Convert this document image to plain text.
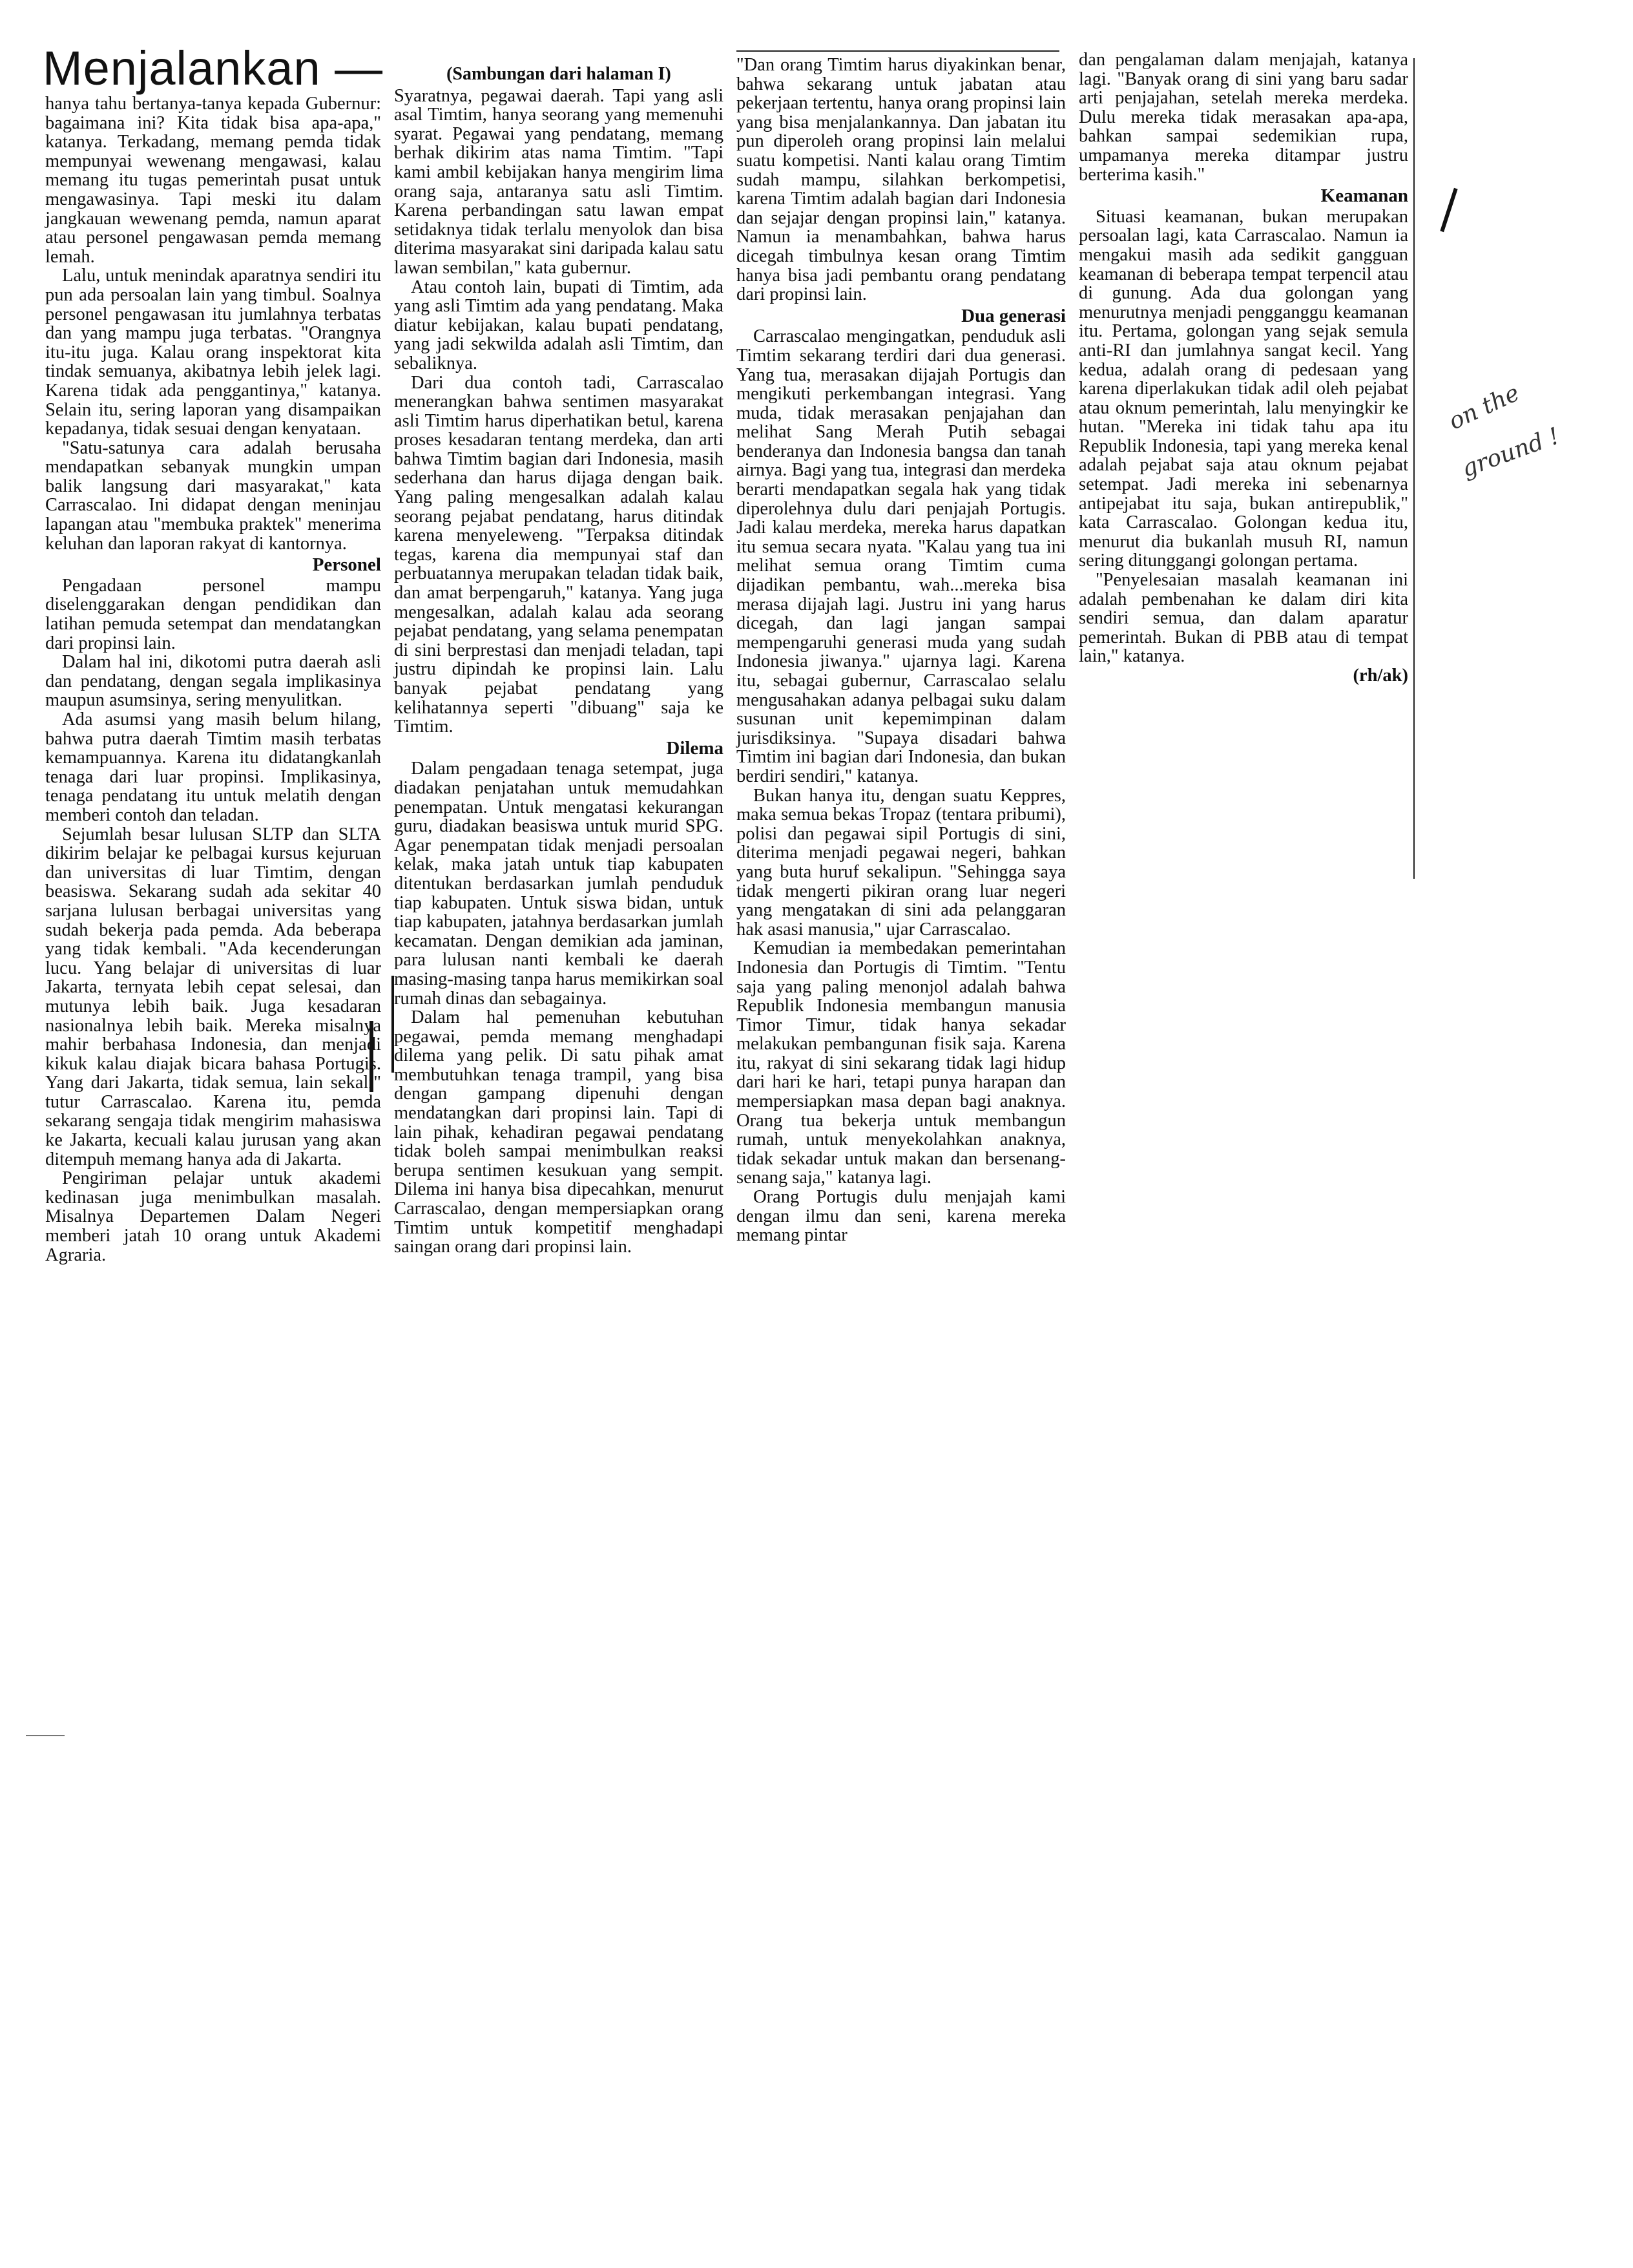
Menjalankan —

hanya tahu bertanya-tanya kepada Gubernur: bagaimana ini? Kita tidak bisa apa-apa," katanya. Terkadang, memang pemda tidak mempunyai wewenang mengawasi, kalau memang itu tugas pemerintah pusat untuk mengawasinya. Tapi meski itu dalam jangkauan wewenang pemda, namun aparat atau personel pengawasan pemda memang lemah.

Lalu, untuk menindak aparatnya sendiri itu pun ada persoalan lain yang timbul. Soalnya personel pengawasan itu jumlahnya terbatas dan yang mampu juga terbatas. "Orangnya itu-itu juga. Kalau orang inspektorat kita tindak semuanya, akibatnya lebih jelek lagi. Karena tidak ada penggantinya," katanya. Selain itu, sering laporan yang disampaikan kepadanya, tidak sesuai dengan kenyataan.

"Satu-satunya cara adalah berusaha mendapatkan sebanyak mungkin umpan balik langsung dari masyarakat," kata Carrascalao. Ini didapat dengan meninjau lapangan atau "membuka praktek" menerima keluhan dan laporan rakyat di kantornya.

Personel

Pengadaan personel mampu diselenggarakan dengan pendidikan dan latihan pemuda setempat dan mendatangkan dari propinsi lain.

Dalam hal ini, dikotomi putra daerah asli dan pendatang, dengan segala implikasinya maupun asumsinya, sering menyulitkan.

Ada asumsi yang masih belum hilang, bahwa putra daerah Timtim masih terbatas kemampuannya. Karena itu didatangkanlah tenaga dari luar propinsi. Implikasinya, tenaga pendatang itu untuk melatih dengan memberi contoh dan teladan.

Sejumlah besar lulusan SLTP dan SLTA dikirim belajar ke pelbagai kursus kejuruan dan universitas di luar Timtim, dengan beasiswa. Sekarang sudah ada sekitar 40 sarjana lulusan berbagai universitas yang sudah bekerja pada pemda. Ada beberapa yang tidak kembali. "Ada kecenderungan lucu. Yang belajar di universitas di luar Jakarta, ternyata lebih cepat selesai, dan mutunya lebih baik. Juga kesadaran nasionalnya lebih baik. Mereka misalnya mahir berbahasa Indonesia, dan menjadi kikuk kalau diajak bicara bahasa Portugis. Yang dari Jakarta, tidak semua, lain sekali" tutur Carrascalao. Karena itu, pemda sekarang sengaja tidak mengirim mahasiswa ke Jakarta, kecuali kalau jurusan yang akan ditempuh memang hanya ada di Jakarta.

Pengiriman pelajar untuk akademi kedinasan juga menimbulkan masalah. Misalnya Departemen Dalam Negeri memberi jatah 10 orang untuk Akademi Agraria.

(Sambungan dari halaman I)

Syaratnya, pegawai daerah. Tapi yang asli asal Timtim, hanya seorang yang memenuhi syarat. Pegawai yang pendatang, memang berhak dikirim atas nama Timtim. "Tapi kami ambil kebijakan hanya mengirim lima orang saja, antaranya satu asli Timtim. Karena perbandingan satu lawan empat setidaknya tidak terlalu menyolok dan bisa diterima masyarakat sini daripada kalau satu lawan sembilan," kata gubernur.

Atau contoh lain, bupati di Timtim, ada yang asli Timtim ada yang pendatang. Maka diatur kebijakan, kalau bupati pendatang, yang jadi sekwilda adalah asli Timtim, dan sebaliknya.

Dari dua contoh tadi, Carrascalao menerangkan bahwa sentimen masyarakat asli Timtim harus diperhatikan betul, karena proses kesadaran tentang merdeka, dan arti bahwa Timtim bagian dari Indonesia, masih sederhana dan harus dijaga dengan baik. Yang paling mengesalkan adalah kalau seorang pejabat pendatang, harus ditindak karena menyeleweng. "Terpaksa ditindak tegas, karena dia mempunyai staf dan perbuatannya merupakan teladan tidak baik, dan amat berpengaruh," katanya. Yang juga mengesalkan, adalah kalau ada seorang pejabat pendatang, yang selama penempatan di sini berprestasi dan menjadi teladan, tapi justru dipindah ke propinsi lain. Lalu banyak pejabat pendatang yang kelihatannya seperti "dibuang" saja ke Timtim.

Dilema

Dalam pengadaan tenaga setempat, juga diadakan penjatahan untuk memudahkan penempatan. Untuk mengatasi kekurangan guru, diadakan beasiswa untuk murid SPG. Agar penempatan tidak menjadi persoalan kelak, maka jatah untuk tiap kabupaten ditentukan berdasarkan jumlah penduduk tiap kabupaten. Untuk siswa bidan, untuk tiap kabupaten, jatahnya berdasarkan jumlah kecamatan. Dengan demikian ada jaminan, para lulusan nanti kembali ke daerah masing-masing tanpa harus memikirkan soal rumah dinas dan sebagainya.

Dalam hal pemenuhan kebutuhan pegawai, pemda memang menghadapi dilema yang pelik. Di satu pihak amat membutuhkan tenaga trampil, yang bisa dengan gampang dipenuhi dengan mendatangkan dari propinsi lain. Tapi di lain pihak, kehadiran pegawai pendatang tidak boleh sampai menimbulkan reaksi berupa sentimen kesukuan yang sempit. Dilema ini hanya bisa dipecahkan, menurut Carrascalao, dengan mempersiapkan orang Timtim untuk kompetitif menghadapi saingan orang dari propinsi lain.

"Dan orang Timtim harus diyakinkan benar, bahwa sekarang untuk jabatan atau pekerjaan tertentu, hanya orang propinsi lain yang bisa menjalankannya. Dan jabatan itu pun diperoleh orang propinsi lain melalui suatu kompetisi. Nanti kalau orang Timtim sudah mampu, silahkan berkompetisi, karena Timtim adalah bagian dari Indonesia dan sejajar dengan propinsi lain," katanya. Namun ia menambahkan, bahwa harus dicegah timbulnya kesan orang Timtim hanya bisa jadi pembantu orang pendatang dari propinsi lain.

Dua generasi

Carrascalao mengingatkan, penduduk asli Timtim sekarang terdiri dari dua generasi. Yang tua, merasakan dijajah Portugis dan mengikuti perkembangan integrasi. Yang muda, tidak merasakan penjajahan dan melihat Sang Merah Putih sebagai benderanya dan Indonesia bangsa dan tanah airnya. Bagi yang tua, integrasi dan merdeka berarti mendapatkan segala hak yang tidak diperolehnya dulu dari penjajah Portugis. Jadi kalau merdeka, mereka harus dapatkan itu semua secara nyata. "Kalau yang tua ini melihat semua orang Timtim cuma dijadikan pembantu, wah...mereka bisa merasa dijajah lagi. Justru ini yang harus dicegah, dan lagi jangan sampai mempengaruhi generasi muda yang sudah Indonesia jiwanya." ujarnya lagi. Karena itu, sebagai gubernur, Carrascalao selalu mengusahakan adanya pelbagai suku dalam susunan unit kepemimpinan dalam jurisdiksinya. "Supaya disadari bahwa Timtim ini bagian dari Indonesia, dan bukan berdiri sendiri," katanya.

Bukan hanya itu, dengan suatu Keppres, maka semua bekas Tropaz (tentara pribumi), polisi dan pegawai sipil Portugis di sini, diterima menjadi pegawai negeri, bahkan yang buta huruf sekalipun. "Sehingga saya tidak mengerti pikiran orang luar negeri yang mengatakan di sini ada pelanggaran hak asasi manusia," ujar Carrascalao.

Kemudian ia membedakan pemerintahan Indonesia dan Portugis di Timtim. "Tentu saja yang paling menonjol adalah bahwa Republik Indonesia membangun manusia Timor Timur, tidak hanya sekadar melakukan pembangunan fisik saja. Karena itu, rakyat di sini sekarang tidak lagi hidup dari hari ke hari, tetapi punya harapan dan mempersiapkan masa depan bagi anaknya. Orang tua bekerja untuk membangun rumah, untuk menyekolahkan anaknya, tidak sekadar untuk makan dan bersenang-senang saja," katanya lagi.

Orang Portugis dulu menjajah kami dengan ilmu dan seni, karena mereka memang pintar

dan pengalaman dalam menjajah, katanya lagi. "Banyak orang di sini yang baru sadar arti penjajahan, setelah mereka merdeka. Dulu mereka tidak merasakan apa-apa, bahkan sampai sedemikian rupa, umpamanya mereka ditampar justru berterima kasih."

Keamanan

Situasi keamanan, bukan merupakan persoalan lagi, kata Carrascalao. Namun ia mengakui masih ada sedikit gangguan keamanan di beberapa tempat terpencil atau di gunung. Ada dua golongan yang menurutnya menjadi pengganggu keamanan itu. Pertama, golongan yang sejak semula anti-RI dan jumlahnya sangat kecil. Yang kedua, adalah orang di pedesaan yang karena diperlakukan tidak adil oleh pejabat atau oknum pemerintah, lalu menyingkir ke hutan. "Mereka ini tidak tahu apa itu Republik Indonesia, tapi yang mereka kenal adalah pejabat saja atau oknum pejabat setempat. Jadi mereka ini sebenarnya antipejabat itu saja, bukan antirepublik," kata Carrascalao. Golongan kedua itu, menurut dia bukanlah musuh RI, namun sering ditunggangi golongan pertama.

"Penyelesaian masalah keamanan ini adalah pembenahan ke dalam diri kita sendiri semua, dan dalam aparatur pemerintah. Bukan di PBB atau di tempat lain," katanya.

(rh/ak)
on the
ground !
